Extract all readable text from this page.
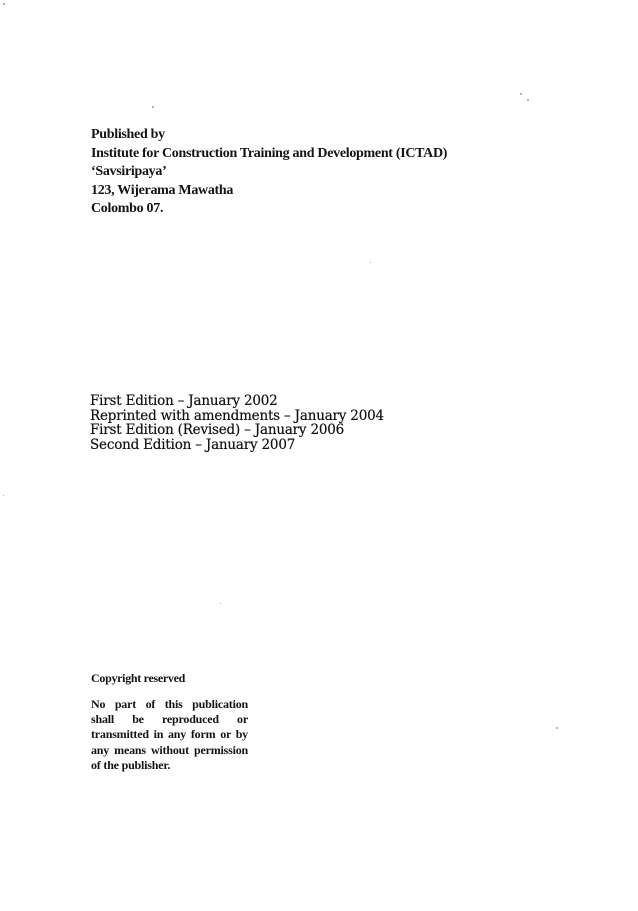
Published by
Institute for Construction Training and Development (ICTAD)
‘Savsiripaya’
123, Wijerama Mawatha
Colombo 07.
First Edition – January 2002
Reprinted with amendments – January 2004
First Edition (Revised) – January 2006
Second Edition – January 2007
Copyright reserved
No part of this publication
shall be reproduced or
transmitted in any form or by
any means without permission
of the publisher.
